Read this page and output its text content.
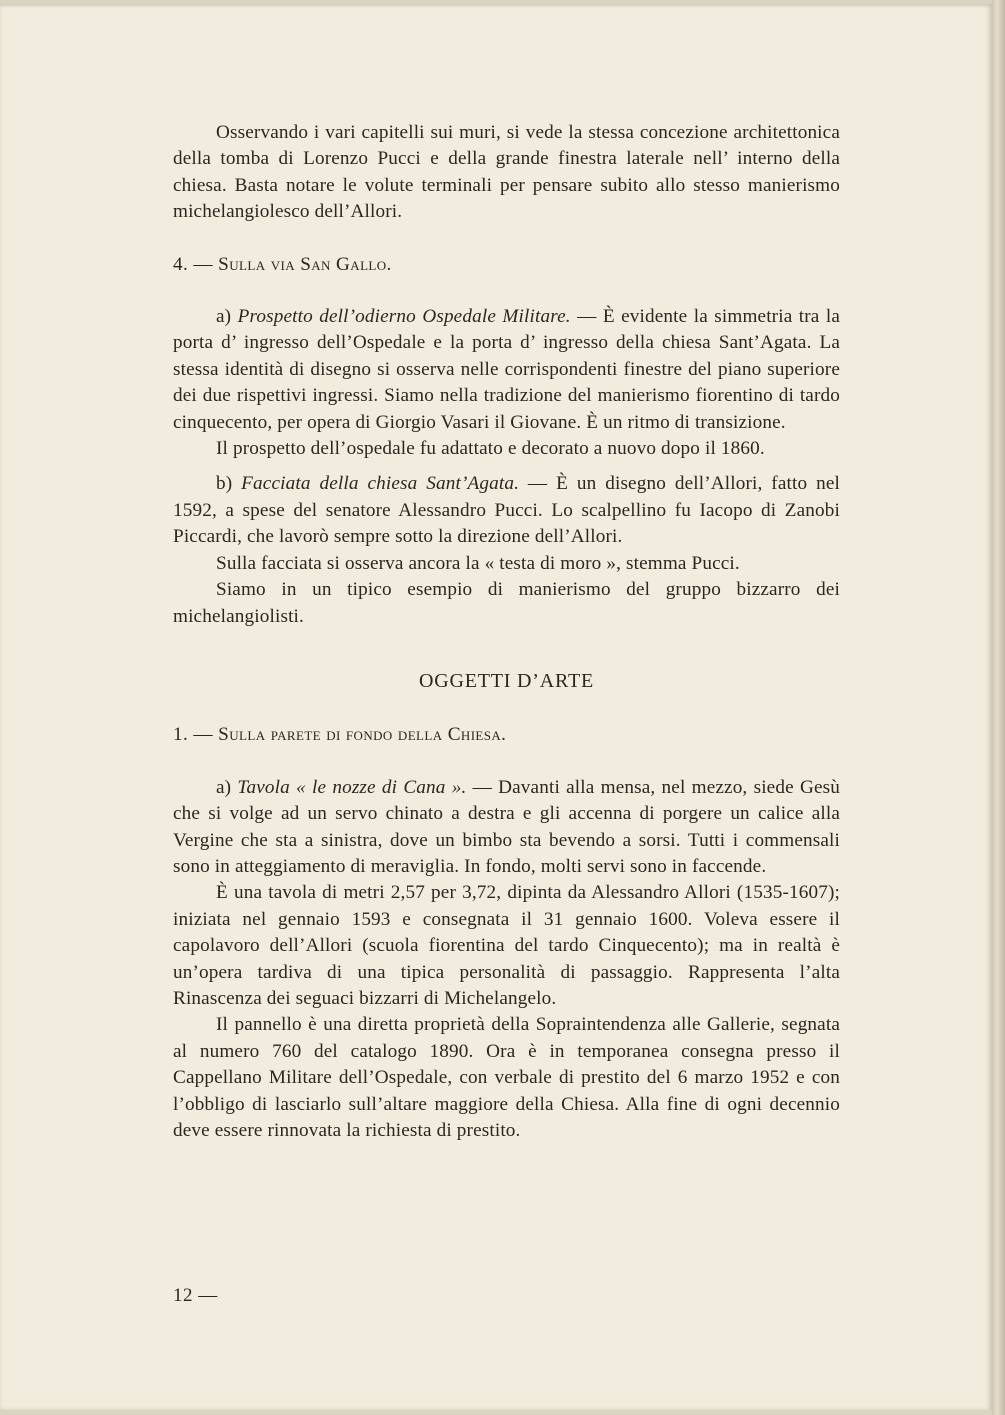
Osservando i vari capitelli sui muri, si vede la stessa concezione architettonica della tomba di Lorenzo Pucci e della grande finestra laterale nell’ interno della chiesa. Basta notare le volute terminali per pensare subito allo stesso manierismo michelangiolesco dell’Allori.

4. — Sulla via San Gallo.

a) Prospetto dell’odierno Ospedale Militare. — È evidente la simmetria tra la porta d’ ingresso dell’Ospedale e la porta d’ ingresso della chiesa Sant’Agata. La stessa identità di disegno si osserva nelle corrispondenti finestre del piano superiore dei due rispettivi ingressi. Siamo nella tradizione del manierismo fiorentino di tardo cinquecento, per opera di Giorgio Vasari il Giovane. È un ritmo di transizione.

Il prospetto dell’ospedale fu adattato e decorato a nuovo dopo il 1860.

b) Facciata della chiesa Sant’Agata. — È un disegno dell’Allori, fatto nel 1592, a spese del senatore Alessandro Pucci. Lo scalpellino fu Iacopo di Zanobi Piccardi, che lavorò sempre sotto la direzione dell’Allori.

Sulla facciata si osserva ancora la « testa di moro », stemma Pucci.

Siamo in un tipico esempio di manierismo del gruppo bizzarro dei michelangiolisti.

OGGETTI D’ARTE

1. — Sulla parete di fondo della Chiesa.

a) Tavola « le nozze di Cana ». — Davanti alla mensa, nel mezzo, siede Gesù che si volge ad un servo chinato a destra e gli accenna di porgere un calice alla Vergine che sta a sinistra, dove un bimbo sta bevendo a sorsi. Tutti i commensali sono in atteggiamento di meraviglia. In fondo, molti servi sono in faccende.

È una tavola di metri 2,57 per 3,72, dipinta da Alessandro Allori (1535-1607); iniziata nel gennaio 1593 e consegnata il 31 gennaio 1600. Voleva essere il capolavoro dell’Allori (scuola fiorentina del tardo Cinquecento); ma in realtà è un’opera tardiva di una tipica personalità di passaggio. Rappresenta l’alta Rinascenza dei seguaci bizzarri di Michelangelo.

Il pannello è una diretta proprietà della Sopraintendenza alle Gallerie, segnata al numero 760 del catalogo 1890. Ora è in temporanea consegna presso il Cappellano Militare dell’Ospedale, con verbale di prestito del 6 marzo 1952 e con l’obbligo di lasciarlo sull’altare maggiore della Chiesa. Alla fine di ogni decennio deve essere rinnovata la richiesta di prestito.

12 —
